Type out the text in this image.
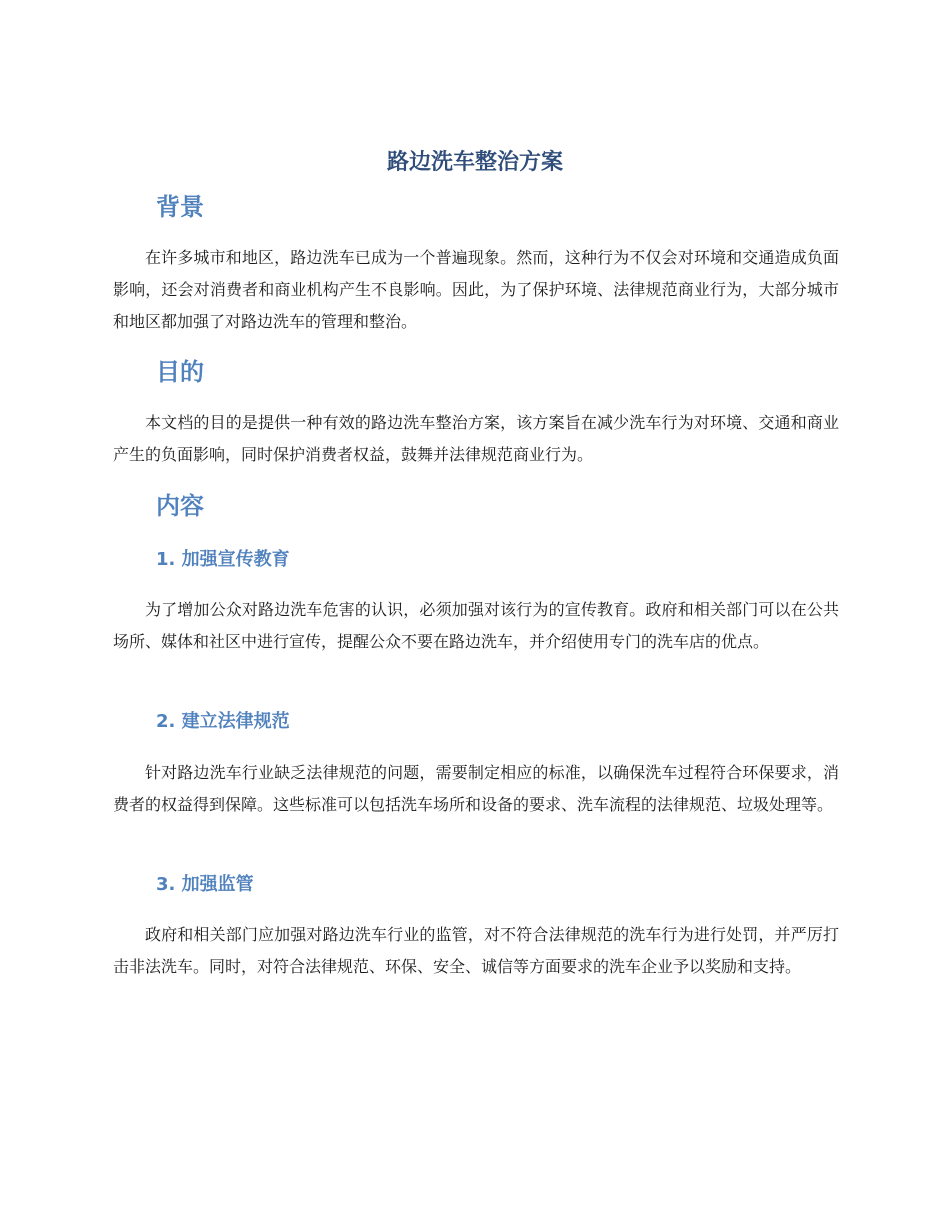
路边洗车整治方案
背景

在许多城市和地区，路边洗车已成为一个普遍现象。然而，这种行为不仅会对环境和交通造成负面影响，还会对消费者和商业机构产生不良影响。因此，为了保护环境、法律规范商业行为，大部分城市和地区都加强了对路边洗车的管理和整治。

目的

本文档的目的是提供一种有效的路边洗车整治方案，该方案旨在减少洗车行为对环境、交通和商业产生的负面影响，同时保护消费者权益，鼓舞并法律规范商业行为。

内容
1. 加强宣传教育

为了增加公众对路边洗车危害的认识，必须加强对该行为的宣传教育。政府和相关部门可以在公共场所、媒体和社区中进行宣传，提醒公众不要在路边洗车，并介绍使用专门的洗车店的优点。

2. 建立法律规范

针对路边洗车行业缺乏法律规范的问题，需要制定相应的标准，以确保洗车过程符合环保要求，消费者的权益得到保障。这些标准可以包括洗车场所和设备的要求、洗车流程的法律规范、垃圾处理等。

3. 加强监管

政府和相关部门应加强对路边洗车行业的监管，对不符合法律规范的洗车行为进行处罚，并严厉打击非法洗车。同时，对符合法律规范、环保、安全、诚信等方面要求的洗车企业予以奖励和支持。
